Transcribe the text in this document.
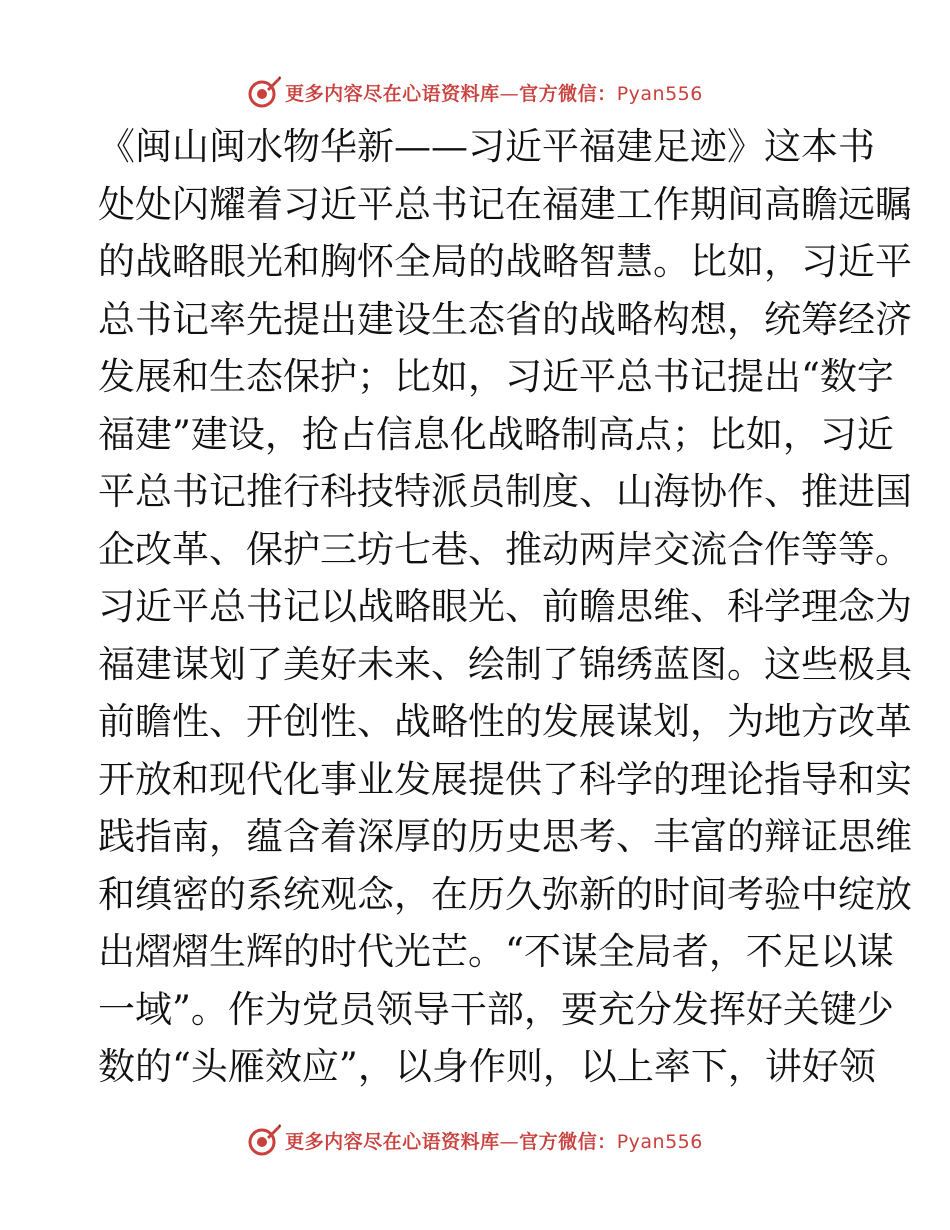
更多内容尽在心语资料库—官方微信：Pyan556
《闽山闽水物华新——习近平福建足迹》这本书
处处闪耀着习近平总书记在福建工作期间高瞻远瞩
的战略眼光和胸怀全局的战略智慧。比如，习近平
总书记率先提出建设生态省的战略构想，统筹经济
发展和生态保护；比如，习近平总书记提出“数字
福建”建设，抢占信息化战略制高点；比如，习近
平总书记推行科技特派员制度、山海协作、推进国
企改革、保护三坊七巷、推动两岸交流合作等等。
习近平总书记以战略眼光、前瞻思维、科学理念为
福建谋划了美好未来、绘制了锦绣蓝图。这些极具
前瞻性、开创性、战略性的发展谋划，为地方改革
开放和现代化事业发展提供了科学的理论指导和实
践指南，蕴含着深厚的历史思考、丰富的辩证思维
和缜密的系统观念，在历久弥新的时间考验中绽放
出熠熠生辉的时代光芒。“不谋全局者，不足以谋
一域”。作为党员领导干部，要充分发挥好关键少
数的“头雁效应”，以身作则，以上率下，讲好领
更多内容尽在心语资料库—官方微信：Pyan556
